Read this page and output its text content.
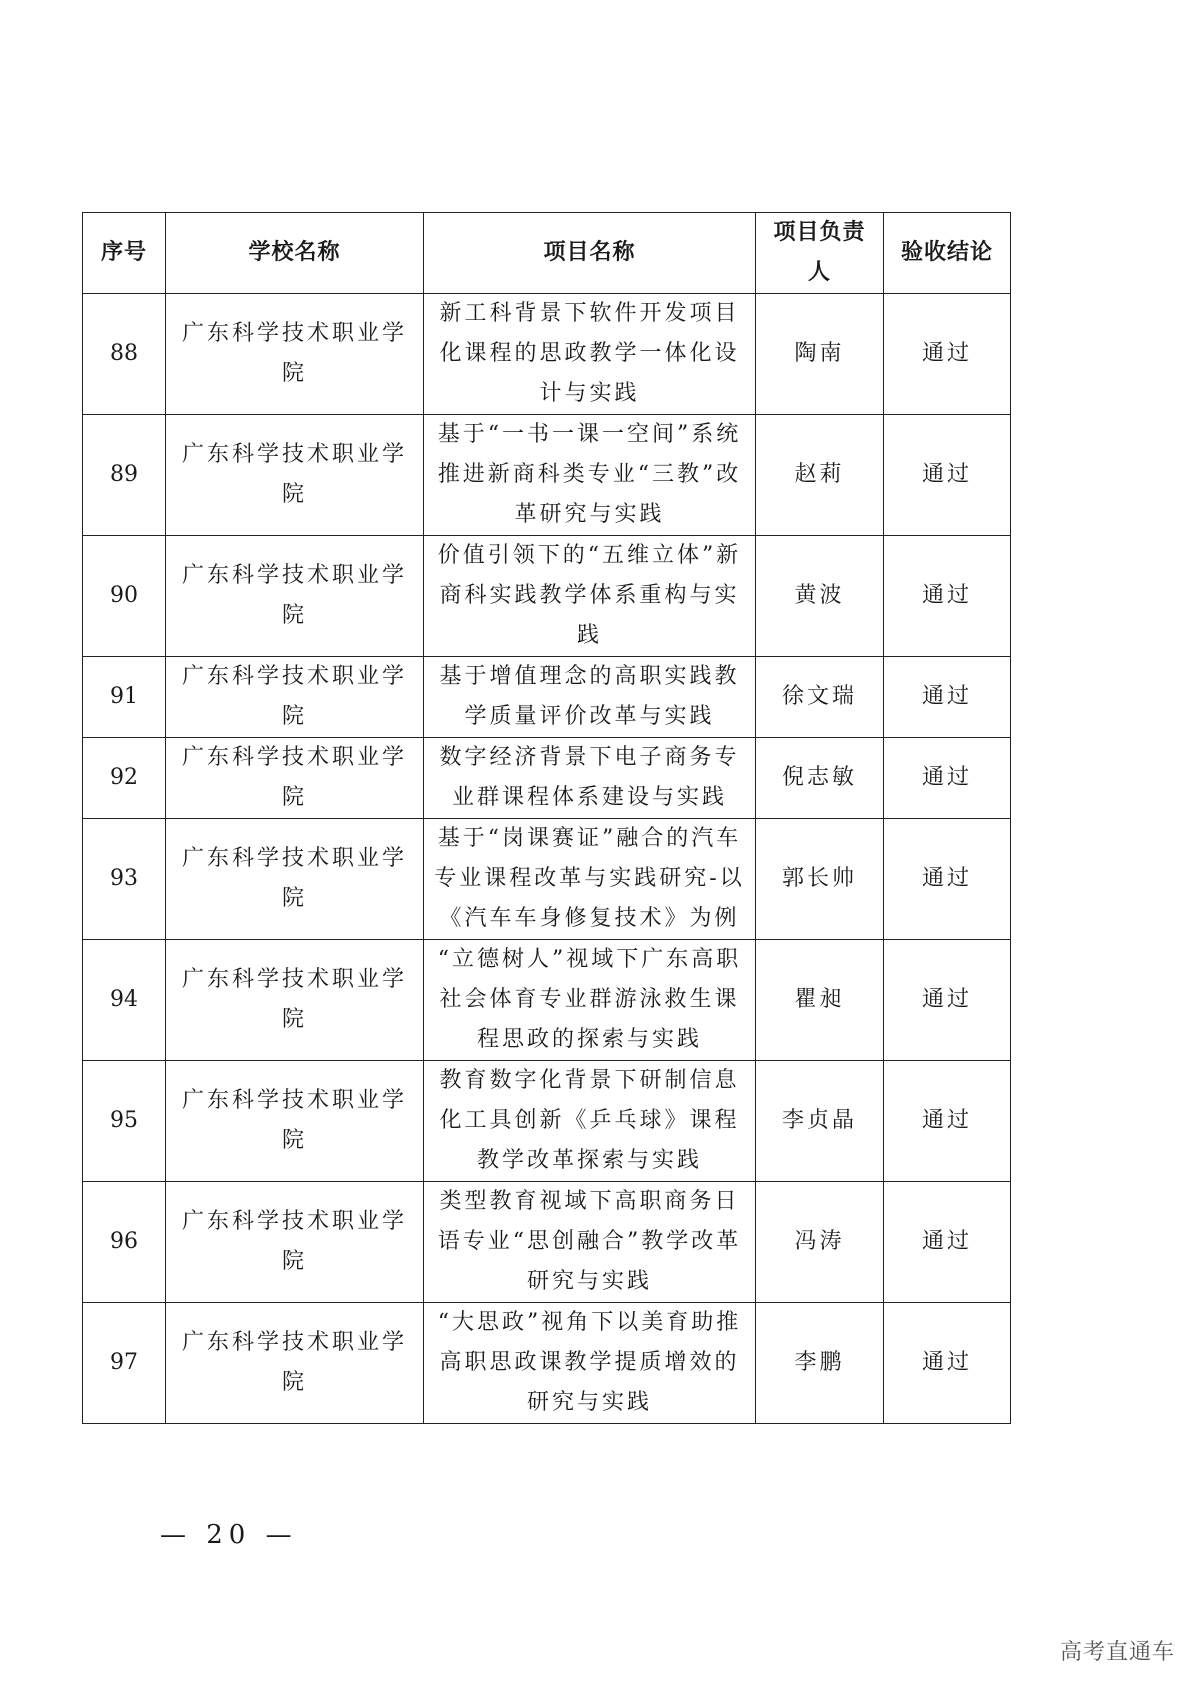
序号	学校名称	项目名称	项目负责人	验收结论
88	广东科学技术职业学院	新工科背景下软件开发项目化课程的思政教学一体化设计与实践	陶南	通过
89	广东科学技术职业学院	基于“一书一课一空间”系统推进新商科类专业“三教”改革研究与实践	赵莉	通过
90	广东科学技术职业学院	价值引领下的“五维立体”新商科实践教学体系重构与实践	黄波	通过
91	广东科学技术职业学院	基于增值理念的高职实践教学质量评价改革与实践	徐文瑞	通过
92	广东科学技术职业学院	数字经济背景下电子商务专业群课程体系建设与实践	倪志敏	通过
93	广东科学技术职业学院	基于“岗课赛证”融合的汽车专业课程改革与实践研究-以《汽车车身修复技术》为例	郭长帅	通过
94	广东科学技术职业学院	“立德树人”视域下广东高职社会体育专业群游泳救生课程思政的探索与实践	瞿昶	通过
95	广东科学技术职业学院	教育数字化背景下研制信息化工具创新《乒乓球》课程教学改革探索与实践	李贞晶	通过
96	广东科学技术职业学院	类型教育视域下高职商务日语专业“思创融合”教学改革研究与实践	冯涛	通过
97	广东科学技术职业学院	“大思政”视角下以美育助推高职思政课教学提质增效的研究与实践	李鹏	通过
— 20 —
高考直通车
